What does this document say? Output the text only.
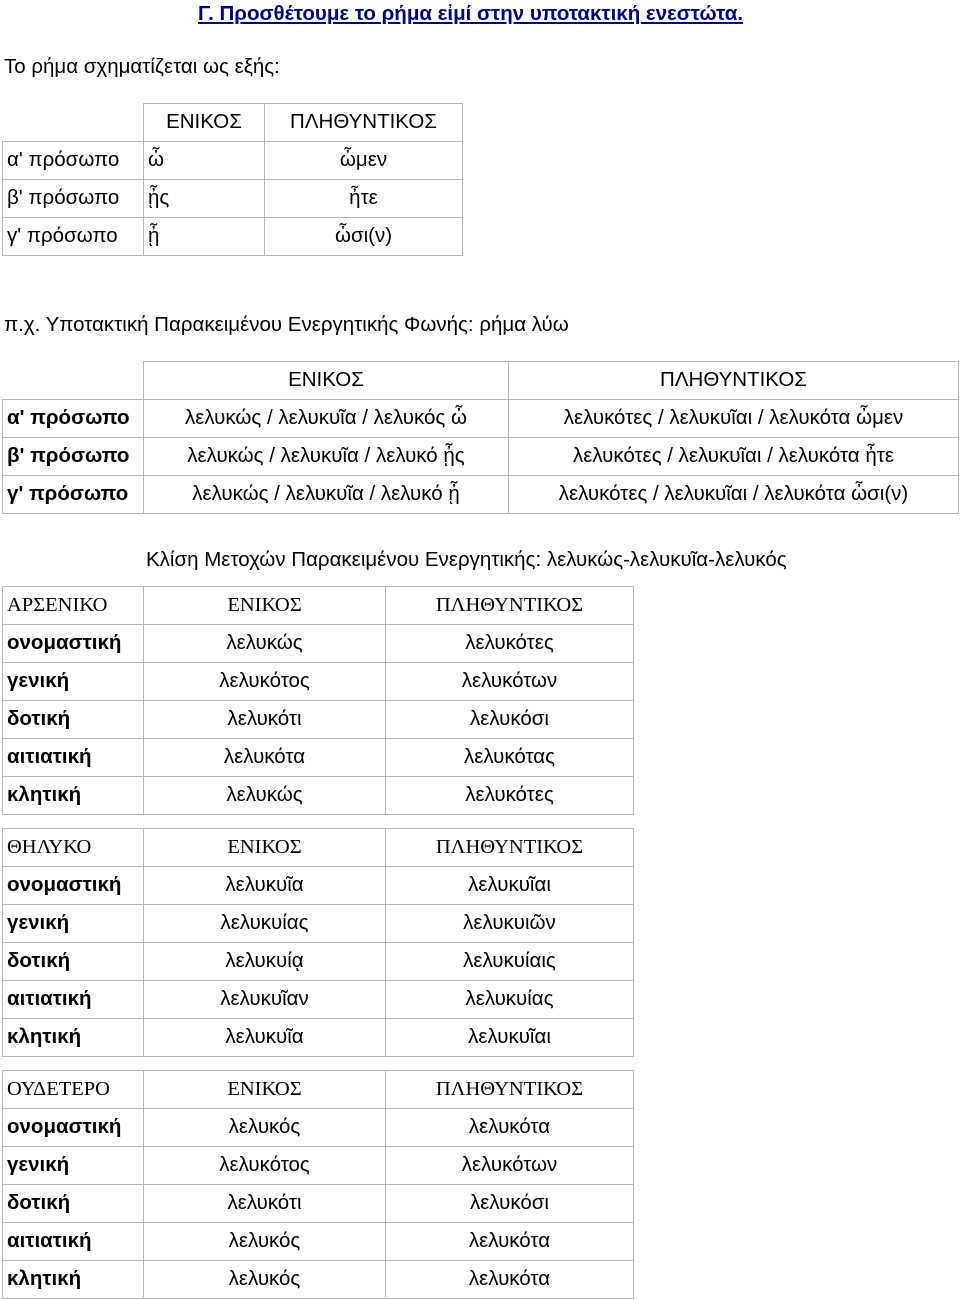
Γ. Προσθέτουμε το ρήμα εἰμί στην υποτακτική ενεστώτα.
Το ρήμα σχηματίζεται ως εξής:
	ΕΝΙΚΟΣ	ΠΛΗΘΥΝΤΙΚΟΣ
α' πρόσωπο	ὦ	ὦμεν
β' πρόσωπο	ᾖς	ἦτε
γ' πρόσωπο	ᾖ	ὦσι(ν)
π.χ. Υποτακτική Παρακειμένου Ενεργητικής Φωνής: ρήμα λύω
	ΕΝΙΚΟΣ	ΠΛΗΘΥΝΤΙΚΟΣ
α' πρόσωπο	λελυκώς / λελυκυῖα / λελυκός ὦ	λελυκότες / λελυκυῖαι / λελυκότα ὦμεν
β' πρόσωπο	λελυκώς / λελυκυῖα / λελυκό ᾖς	λελυκότες / λελυκυῖαι / λελυκότα ἦτε
γ' πρόσωπο	λελυκώς / λελυκυῖα / λελυκό ᾖ	λελυκότες / λελυκυῖαι / λελυκότα ὦσι(ν)
Κλίση Μετοχών Παρακειμένου Ενεργητικής: λελυκώς-λελυκυῖα-λελυκός
ΑΡΣΕΝΙΚΟ	ΕΝΙΚΟΣ	ΠΛΗΘΥΝΤΙΚΟΣ
ονομαστική	λελυκώς	λελυκότες
γενική	λελυκότος	λελυκότων
δοτική	λελυκότι	λελυκόσι
αιτιατική	λελυκότα	λελυκότας
κλητική	λελυκώς	λελυκότες
ΘΗΛΥΚΟ	ΕΝΙΚΟΣ	ΠΛΗΘΥΝΤΙΚΟΣ
ονομαστική	λελυκυῖα	λελυκυῖαι
γενική	λελυκυίας	λελυκυιῶν
δοτική	λελυκυίᾳ	λελυκυίαις
αιτιατική	λελυκυῖαν	λελυκυίας
κλητική	λελυκυῖα	λελυκυῖαι
ΟΥΔΕΤΕΡΟ	ΕΝΙΚΟΣ	ΠΛΗΘΥΝΤΙΚΟΣ
ονομαστική	λελυκός	λελυκότα
γενική	λελυκότος	λελυκότων
δοτική	λελυκότι	λελυκόσι
αιτιατική	λελυκός	λελυκότα
κλητική	λελυκός	λελυκότα
